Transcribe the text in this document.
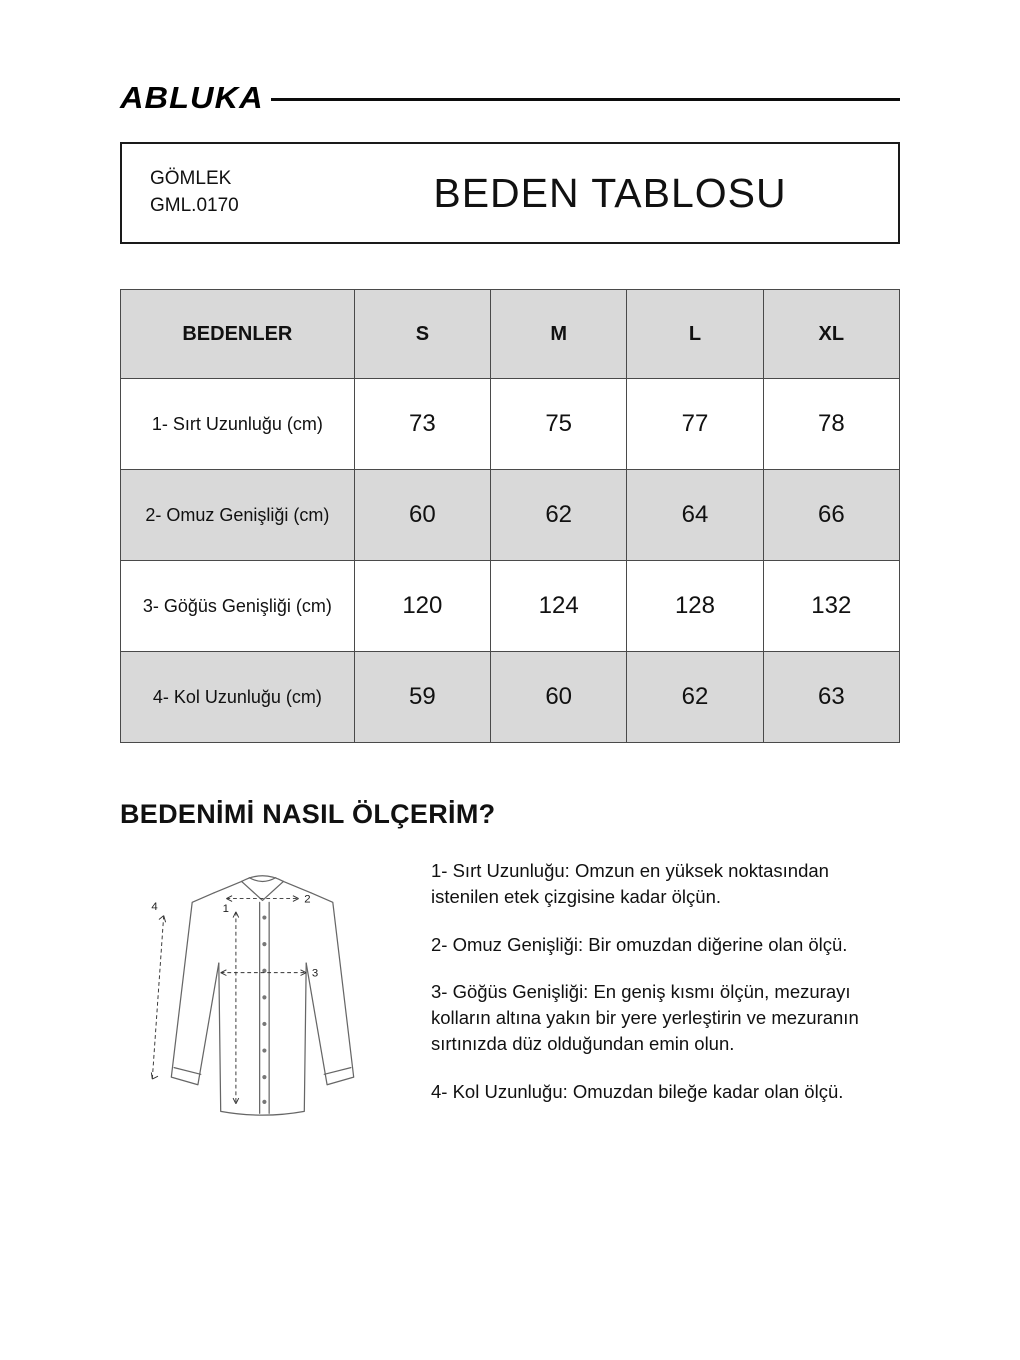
ABLUKA
GÖMLEK
GML.0170	BEDEN TABLOSU
BEDENLER	S	M	L	XL
1- Sırt Uzunluğu (cm)	73	75	77	78
2- Omuz Genişliği (cm)	60	62	64	66
3- Göğüs Genişliği (cm)	120	124	128	132
4- Kol Uzunluğu (cm)	59	60	62	63
BEDENİMİ NASIL ÖLÇERİM?
1
2
3
4

1- Sırt Uzunluğu: Omzun en yüksek noktasından istenilen etek çizgisine kadar ölçün.

2- Omuz Genişliği: Bir omuzdan diğerine olan ölçü.

3- Göğüs Genişliği: En geniş kısmı ölçün, mezurayı kolların altına yakın bir yere yerleştirin ve mezuranın sırtınızda düz olduğundan emin olun.

4- Kol Uzunluğu: Omuzdan bileğe kadar olan ölçü.
